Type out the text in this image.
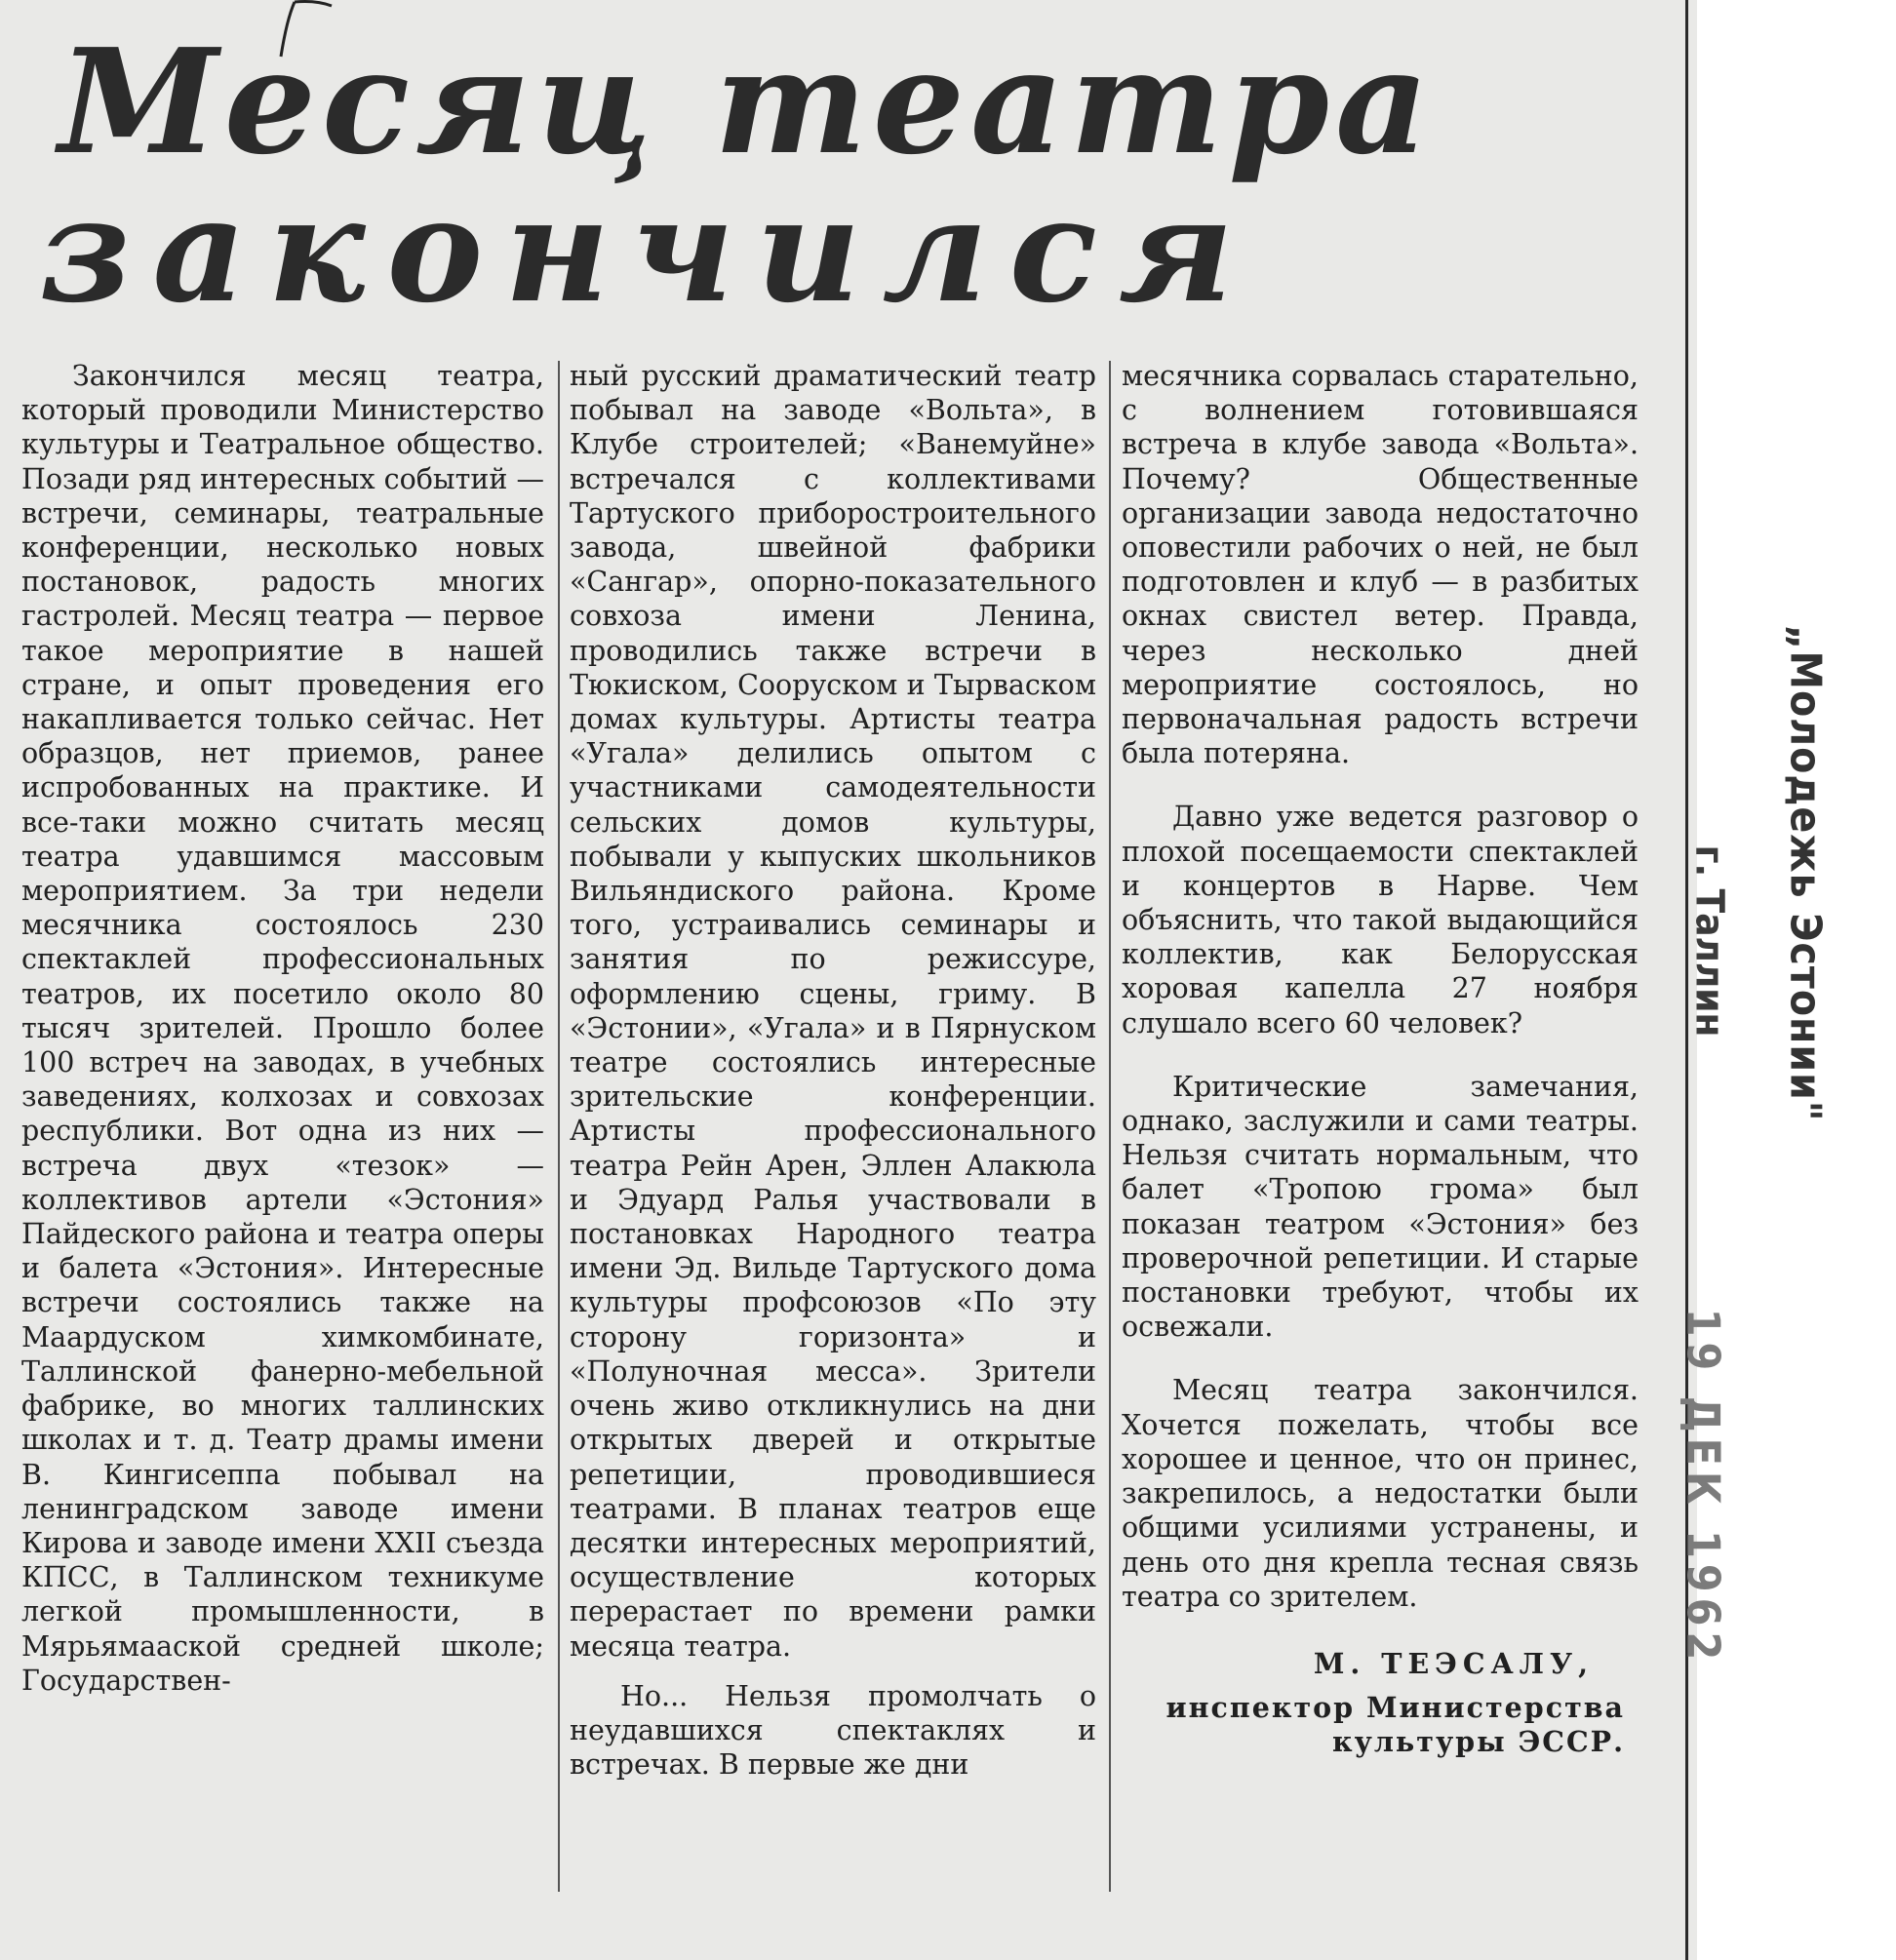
Месяц театра
закончился

Закончился месяц театра, который проводили Министерство культуры и Театральное общество. Позади ряд интересных событий — встречи, семинары, театральные конференции, несколько новых постановок, радость многих гастролей. Месяц театра — первое такое мероприятие в нашей стране, и опыт проведения его накапливается только сейчас. Нет образцов, нет приемов, ранее испробованных на практике. И все-таки можно считать месяц театра удавшимся массовым мероприятием. За три недели месячника состоялось 230 спектаклей профессиональных театров, их посетило около 80 тысяч зрителей. Прошло более 100 встреч на заводах, в учебных заведениях, колхозах и совхозах республики. Вот одна из них — встреча двух «тезок» — коллективов артели «Эстония» Пайдеского района и театра оперы и балета «Эстония». Интересные встречи состоялись также на Маардуском химкомбинате, Таллинской фанерно-мебельной фабрике, во многих таллинских школах и т. д. Театр драмы имени В. Кингисеппа побывал на ленинградском заводе имени Кирова и заводе имени XXII съезда КПСС, в Таллинском техникуме легкой промышленности, в Мярьямааской средней школе; Государствен-

ный русский драматический театр побывал на заводе «Вольта», в Клубе строителей; «Ванемуйне» встречался с коллективами Тартуского приборостроительного завода, швейной фабрики «Сангар», опорно-показательного совхоза имени Ленина, проводились также встречи в Тюкиском, Сооруском и Тырваском домах культуры. Артисты театра «Угала» делились опытом с участниками самодеятельности сельских домов культуры, побывали у кыпуских школьников Вильяндиского района. Кроме того, устраивались семинары и занятия по режиссуре, оформлению сцены, гриму. В «Эстонии», «Угала» и в Пярнуском театре состоялись интересные зрительские конференции. Артисты профессионального театра Рейн Арен, Эллен Алакюла и Эдуард Ралья участвовали в постановках Народного театра имени Эд. Вильде Тартуского дома культуры профсоюзов «По эту сторону горизонта» и «Полуночная месса». Зрители очень живо откликнулись на дни открытых дверей и открытые репетиции, проводившиеся театрами. В планах театров еще десятки интересных мероприятий, осуществление которых перерастает по времени рамки месяца театра.

Но... Нельзя промолчать о неудавшихся спектаклях и встречах. В первые же дни

месячника сорвалась старательно, с волнением готовившаяся встреча в клубе завода «Вольта». Почему? Общественные организации завода недостаточно оповестили рабочих о ней, не был подготовлен и клуб — в разбитых окнах свистел ветер. Правда, через несколько дней мероприятие состоялось, но первоначальная радость встречи была потеряна.

Давно уже ведется разговор о плохой посещаемости спектаклей и концертов в Нарве. Чем объяснить, что такой выдающийся коллектив, как Белорусская хоровая капелла 27 ноября слушало всего 60 человек?

Критические замечания, однако, заслужили и сами театры. Нельзя считать нормальным, что балет «Тропою грома» был показан театром «Эстония» без проверочной репетиции. И старые постановки требуют, чтобы их освежали.

Месяц театра закончился. Хочется пожелать, чтобы все хорошее и ценное, что он принес, закрепилось, а недостатки были общими усилиями устранены, и день ото дня крепла тесная связь театра со зрителем.

М. ТЕЭСАЛУ,

инспектор Министерства культуры ЭССР.

„Молодежь Эстонии"
г. Таллин
19 ДЕК 1962
